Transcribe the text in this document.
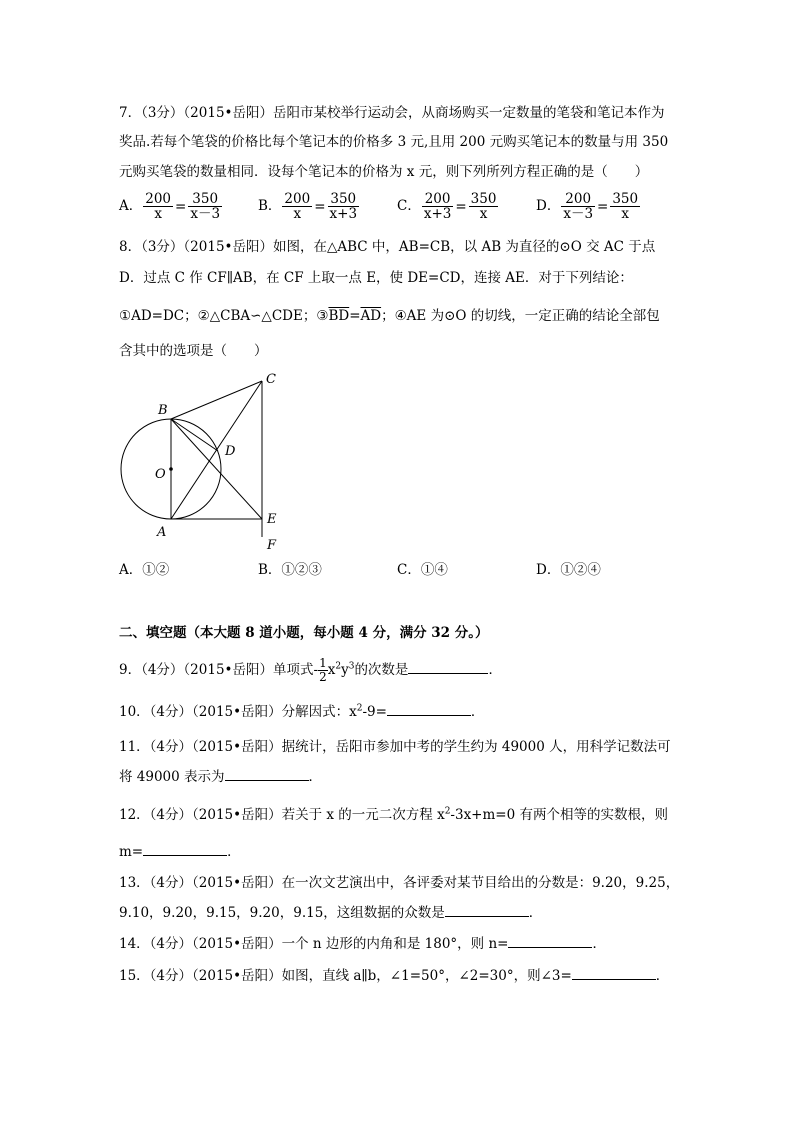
7．（3分）（2015•岳阳）岳阳市某校举行运动会，从商场购买一定数量的笔袋和笔记本作为
奖品.若每个笔袋的价格比每个笔记本的价格多 3 元,且用 200 元购买笔记本的数量与用 350
元购买笔袋的数量相同．设每个笔记本的价格为 x 元，则下列所列方程正确的是（　　）
A． $\frac{200}{x} = \frac{350}{x-3}$	B． $\frac{200}{x} = \frac{350}{x+3}$	C． $\frac{200}{x+3} = \frac{350}{x}$	D． $\frac{200}{x-3} = \frac{350}{x}$
8．（3分）（2015•岳阳）如图，在△ABC 中，AB=CB，以 AB 为直径的⊙O 交 AC 于点
D．过点 C 作 CF∥AB，在 CF 上取一点 E，使 DE=CD，连接 AE．对于下列结论：
①AD=DC；②△CBA∽△CDE；$③\overline{BD}=\overline{AD}$；④AE 为⊙O 的切线，一定正确的结论全部包
含其中的选项是（　　）
B
C
O
D
A
E
F
A．①②	B．①②③	C．①④	D．①②④
二、填空题（本大题 8 道小题，每小题 4 分，满分 32 分。）
9．（4分）（2015•岳阳）单项式- $\frac{1}{2} x^2y^3$的次数是	．
10．（4分）（2015•岳阳）分解因式：$x^2-9=$	．
11．（4分）（2015•岳阳）据统计，岳阳市参加中考的学生约为 49000 人，用科学记数法可
将 49000 表示为	．
12．（4分）（2015•岳阳）若关于 x 的一元二次方程 $x^2-3x+m=0$ 有两个相等的实数根，则
m=	．
13．（4分）（2015•岳阳）在一次文艺演出中，各评委对某节目给出的分数是：9.20，9.25，
9.10，9.20，9.15，9.20，9.15，这组数据的众数是	．
14．（4分）（2015•岳阳）一个 n 边形的内角和是 180°，则 n=	．
15．（4分）（2015•岳阳）如图，直线 a∥b，∠1=50°，∠2=30°，则∠3=	．
